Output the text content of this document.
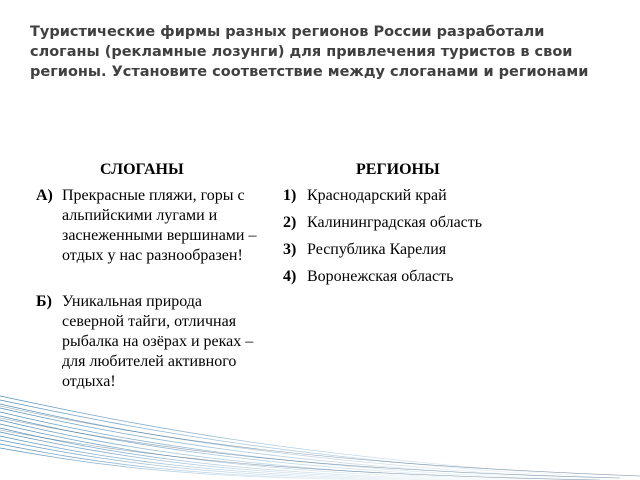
Туристические фирмы разных регионов России разработали слоганы (рекламные лозунги) для привлечения туристов в свои регионы. Установите соответствие между слоганами и регионами
СЛОГАНЫ	РЕГИОНЫ
А) Прекрасные пляжи, горы с альпийскими лугами и заснеженными вершинами – отдых у нас разнообразен!
Б) Уникальная природа северной тайги, отличная рыбалка на озёрах и реках – для любителей активного отдыха!
1) Краснодарский край
2) Калининградская область
3) Республика Карелия
4) Воронежская область
